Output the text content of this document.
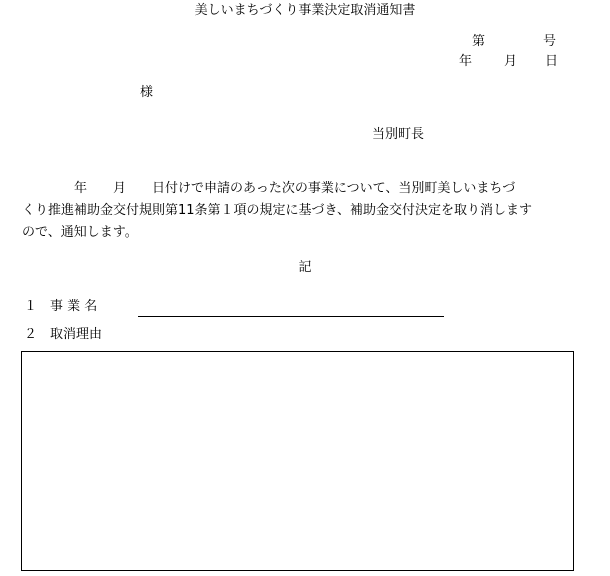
美しいまちづくり事業決定取消通知書
第	号
年 月 日
様
当別町長
　　　　年　　月　　日付けで申請のあった次の事業について、当別町美しいまちづ
くり推進補助金交付規則第11条第１項の規定に基づき、補助金交付決定を取り消します
ので、通知します。
記
１　事 業 名
２　取消理由
